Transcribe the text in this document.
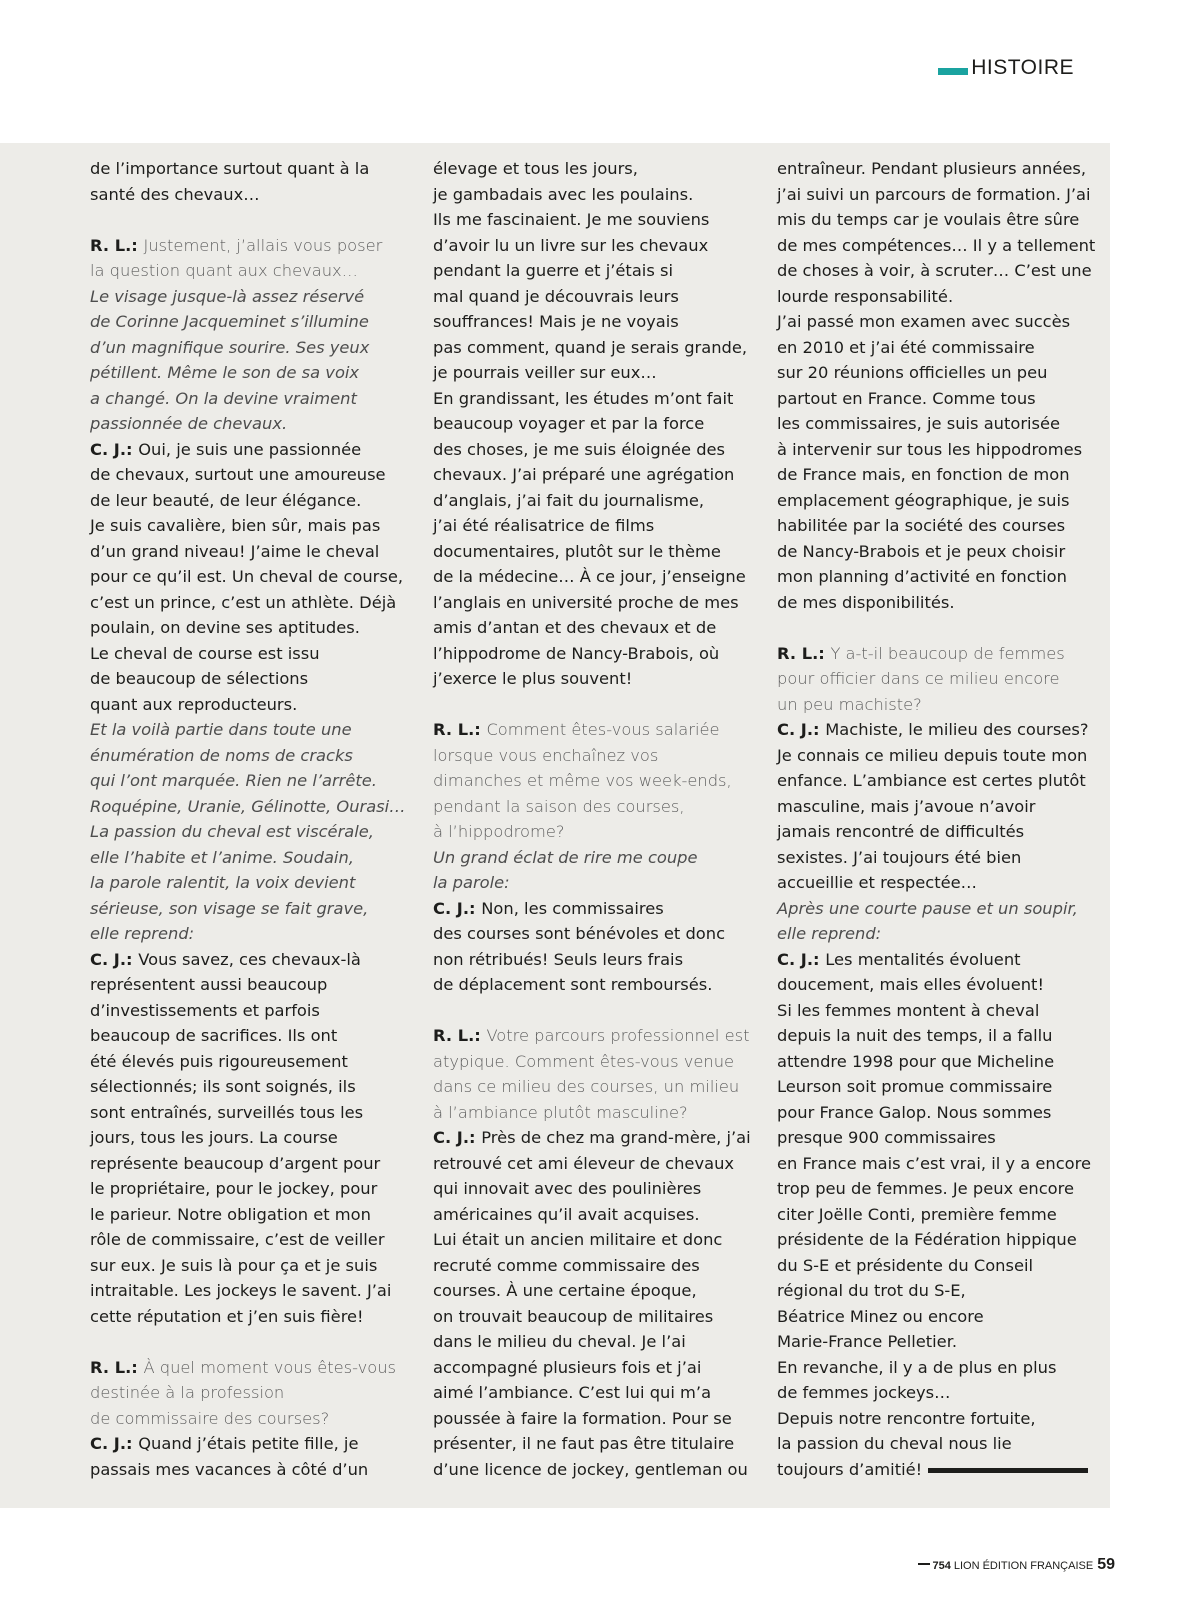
HISTOIRE
de l’importance surtout quant à la
santé des chevaux…
R. L.: Justement, j’allais vous poser
la question quant aux chevaux…
Le visage jusque-là assez réservé
de Corinne Jacqueminet s’illumine
d’un magnifique sourire. Ses yeux
pétillent. Même le son de sa voix
a changé. On la devine vraiment
passionnée de chevaux.
C. J.: Oui, je suis une passionnée
de chevaux, surtout une amoureuse
de leur beauté, de leur élégance.
Je suis cavalière, bien sûr, mais pas
d’un grand niveau! J’aime le cheval
pour ce qu’il est. Un cheval de course,
c’est un prince, c’est un athlète. Déjà
poulain, on devine ses aptitudes.
Le cheval de course est issu
de beaucoup de sélections
quant aux reproducteurs.
Et la voilà partie dans toute une
énumération de noms de cracks
qui l’ont marquée. Rien ne l’arrête.
Roquépine, Uranie, Gélinotte, Ourasi…
La passion du cheval est viscérale,
elle l’habite et l’anime. Soudain,
la parole ralentit, la voix devient
sérieuse, son visage se fait grave,
elle reprend:
C. J.: Vous savez, ces chevaux-là
représentent aussi beaucoup
d’investissements et parfois
beaucoup de sacrifices. Ils ont
été élevés puis rigoureusement
sélectionnés; ils sont soignés, ils
sont entraînés, surveillés tous les
jours, tous les jours. La course
représente beaucoup d’argent pour
le propriétaire, pour le jockey, pour
le parieur. Notre obligation et mon
rôle de commissaire, c’est de veiller
sur eux. Je suis là pour ça et je suis
intraitable. Les jockeys le savent. J’ai
cette réputation et j’en suis fière!
R. L.: À quel moment vous êtes-vous
destinée à la profession
de commissaire des courses?
C. J.: Quand j’étais petite fille, je
passais mes vacances à côté d’un
élevage et tous les jours,
je gambadais avec les poulains.
Ils me fascinaient. Je me souviens
d’avoir lu un livre sur les chevaux
pendant la guerre et j’étais si
mal quand je découvrais leurs
souffrances! Mais je ne voyais
pas comment, quand je serais grande,
je pourrais veiller sur eux…
En grandissant, les études m’ont fait
beaucoup voyager et par la force
des choses, je me suis éloignée des
chevaux. J’ai préparé une agrégation
d’anglais, j’ai fait du journalisme,
j’ai été réalisatrice de films
documentaires, plutôt sur le thème
de la médecine… À ce jour, j’enseigne
l’anglais en université proche de mes
amis d’antan et des chevaux et de
l’hippodrome de Nancy-Brabois, où
j’exerce le plus souvent!
R. L.: Comment êtes-vous salariée
lorsque vous enchaînez vos
dimanches et même vos week-ends,
pendant la saison des courses,
à l’hippodrome?
Un grand éclat de rire me coupe
la parole:
C. J.: Non, les commissaires
des courses sont bénévoles et donc
non rétribués! Seuls leurs frais
de déplacement sont remboursés.
R. L.: Votre parcours professionnel est
atypique. Comment êtes-vous venue
dans ce milieu des courses, un milieu
à l’ambiance plutôt masculine?
C. J.: Près de chez ma grand-mère, j’ai
retrouvé cet ami éleveur de chevaux
qui innovait avec des poulinières
américaines qu’il avait acquises.
Lui était un ancien militaire et donc
recruté comme commissaire des
courses. À une certaine époque,
on trouvait beaucoup de militaires
dans le milieu du cheval. Je l’ai
accompagné plusieurs fois et j’ai
aimé l’ambiance. C’est lui qui m’a
poussée à faire la formation. Pour se
présenter, il ne faut pas être titulaire
d’une licence de jockey, gentleman ou
entraîneur. Pendant plusieurs années,
j’ai suivi un parcours de formation. J’ai
mis du temps car je voulais être sûre
de mes compétences… Il y a tellement
de choses à voir, à scruter… C’est une
lourde responsabilité.
J’ai passé mon examen avec succès
en 2010 et j’ai été commissaire
sur 20 réunions officielles un peu
partout en France. Comme tous
les commissaires, je suis autorisée
à intervenir sur tous les hippodromes
de France mais, en fonction de mon
emplacement géographique, je suis
habilitée par la société des courses
de Nancy-Brabois et je peux choisir
mon planning d’activité en fonction
de mes disponibilités.
R. L.: Y a-t-il beaucoup de femmes
pour officier dans ce milieu encore
un peu machiste?
C. J.: Machiste, le milieu des courses?
Je connais ce milieu depuis toute mon
enfance. L’ambiance est certes plutôt
masculine, mais j’avoue n’avoir
jamais rencontré de difficultés
sexistes. J’ai toujours été bien
accueillie et respectée…
Après une courte pause et un soupir,
elle reprend:
C. J.: Les mentalités évoluent
doucement, mais elles évoluent!
Si les femmes montent à cheval
depuis la nuit des temps, il a fallu
attendre 1998 pour que Micheline
Leurson soit promue commissaire
pour France Galop. Nous sommes
presque 900 commissaires
en France mais c’est vrai, il y a encore
trop peu de femmes. Je peux encore
citer Joëlle Conti, première femme
présidente de la Fédération hippique
du S-E et présidente du Conseil
régional du trot du S-E,
Béatrice Minez ou encore
Marie-France Pelletier.
En revanche, il y a de plus en plus
de femmes jockeys…
Depuis notre rencontre fortuite,
la passion du cheval nous lie
toujours d’amitié!
754 LION ÉDITION FRANÇAISE 59
